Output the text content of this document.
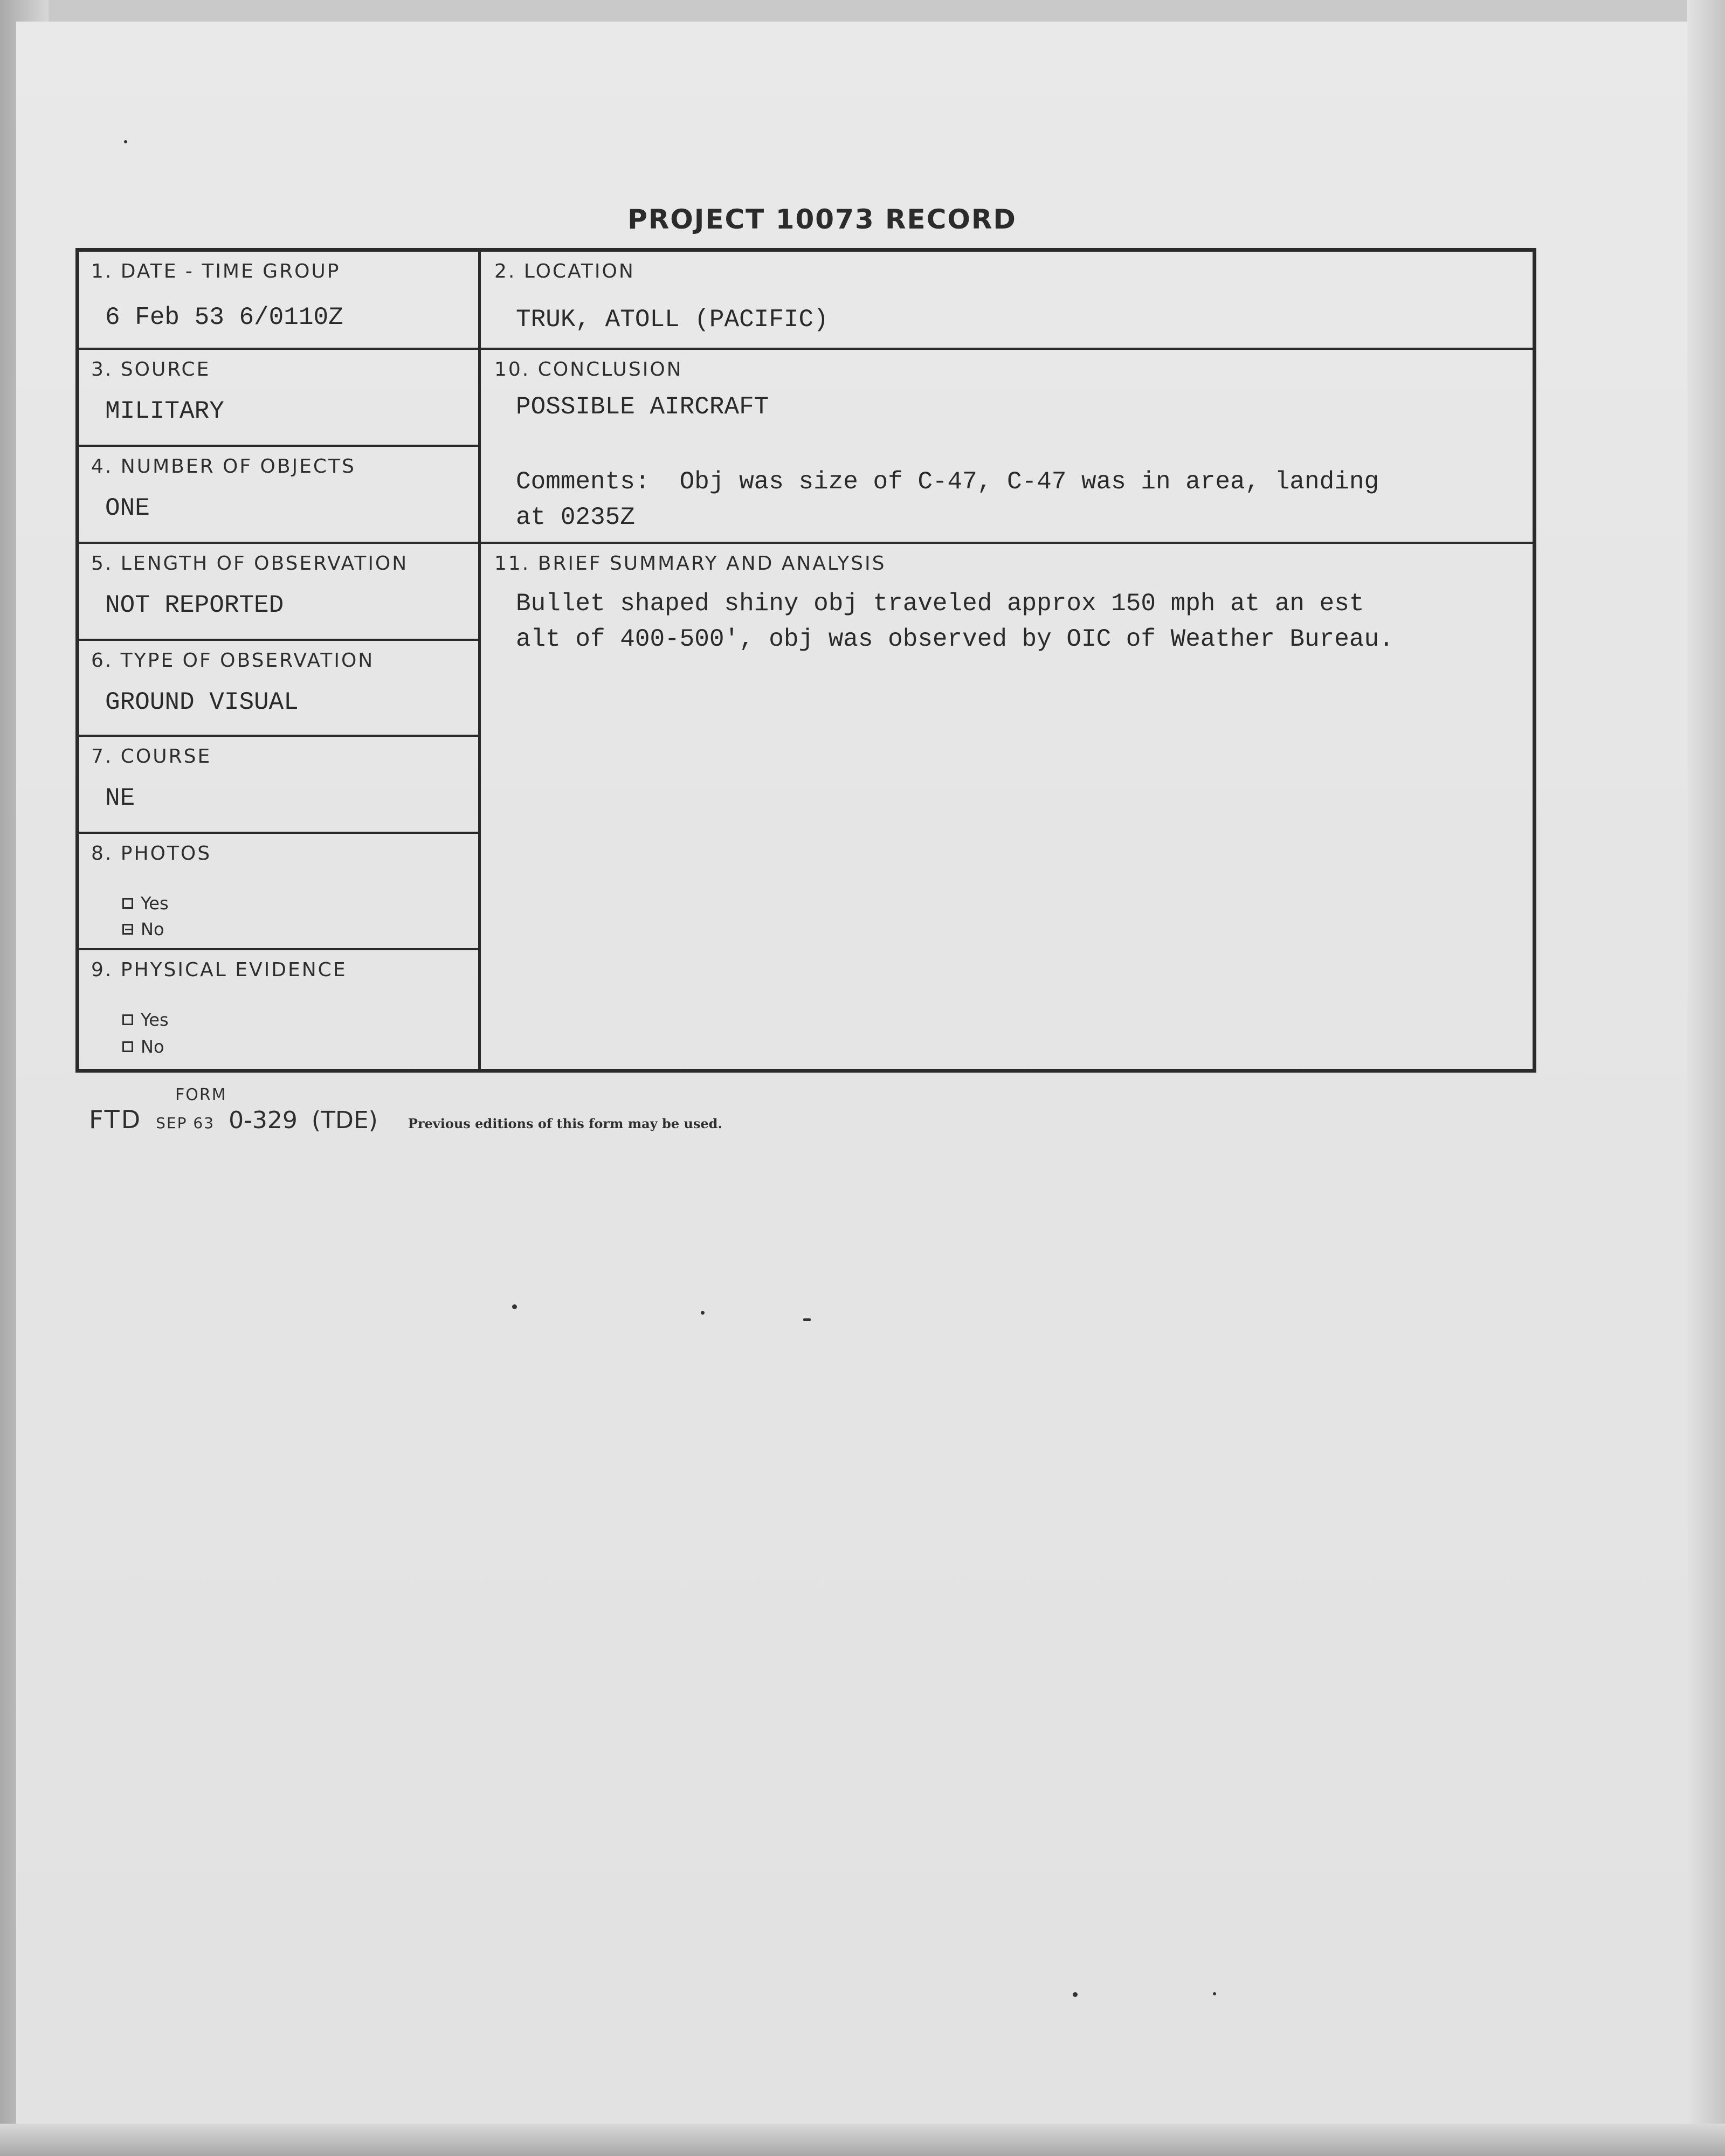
PROJECT 10073 RECORD
1. DATE - TIME GROUP
6 Feb 53 6/0110Z
2. LOCATION
TRUK, ATOLL (PACIFIC)
3. SOURCE
MILITARY
10. CONCLUSION
POSSIBLE AIRCRAFT
Comments:  Obj was size of C-47, C-47 was in area, landing
at 0235Z
4. NUMBER OF OBJECTS
ONE
5. LENGTH OF OBSERVATION
NOT REPORTED
11. BRIEF SUMMARY AND ANALYSIS
Bullet shaped shiny obj traveled approx 150 mph at an est
alt of 400-500', obj was observed by OIC of Weather Bureau.
6. TYPE OF OBSERVATION
GROUND VISUAL
7. COURSE
NE
8. PHOTOS
Yes
No
9. PHYSICAL EVIDENCE
Yes
No
FORM
FTD SEP 63 0-329 (TDE) Previous editions of this form may be used.
